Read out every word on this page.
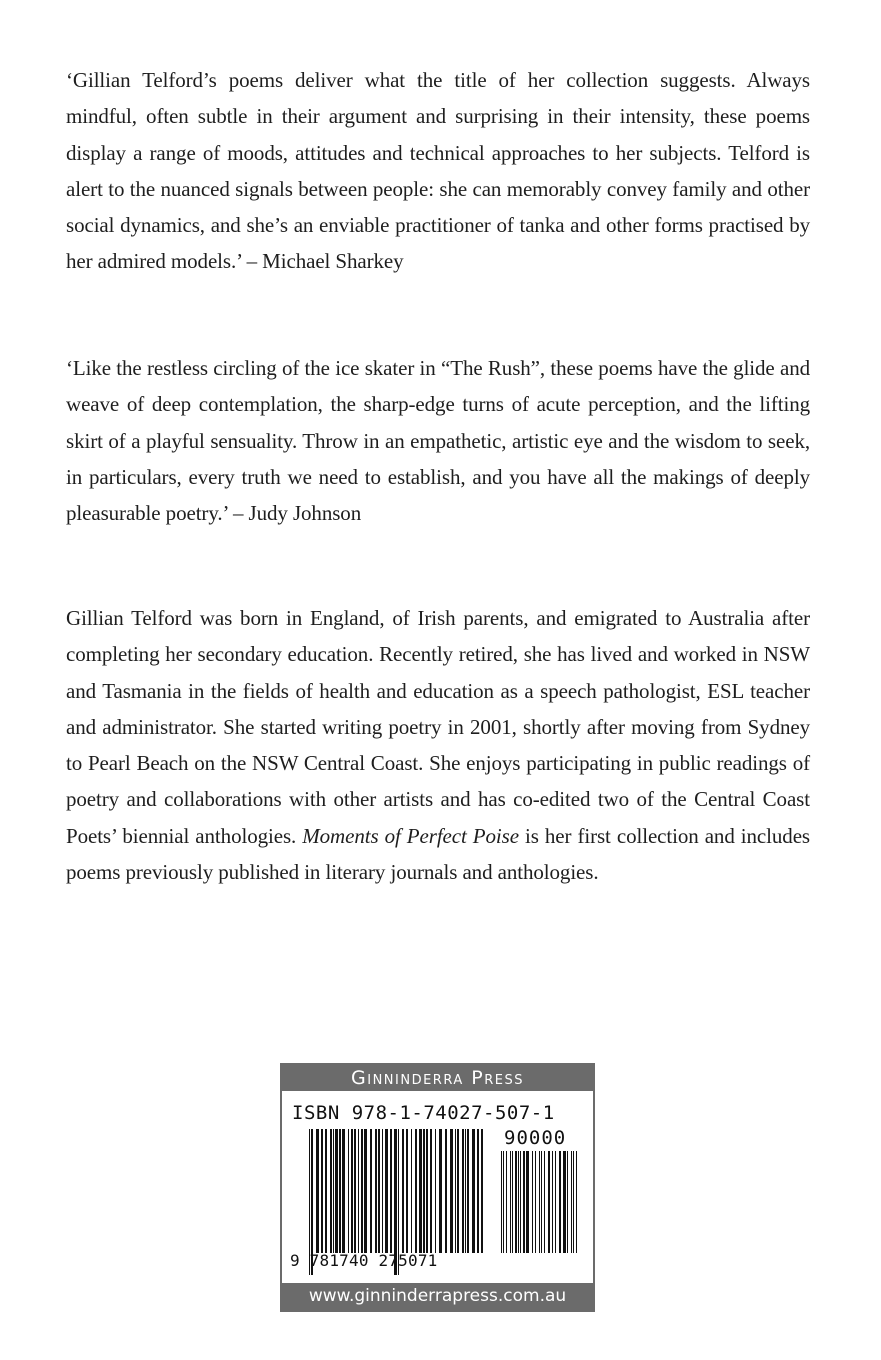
‘Gillian Telford’s poems deliver what the title of her collection suggests. Always mindful, often subtle in their argument and surprising in their intensity, these poems display a range of moods, attitudes and technical approaches to her subjects. Telford is alert to the nuanced signals between people: she can memorably convey family and other social dynamics, and she’s an enviable practitioner of tanka and other forms practised by her admired models.’ – Michael Sharkey

‘Like the restless circling of the ice skater in “The Rush”, these poems have the glide and weave of deep contemplation, the sharp-edge turns of acute perception, and the lifting skirt of a playful sensuality. Throw in an empathetic, artistic eye and the wisdom to seek, in particulars, every truth we need to establish, and you have all the makings of deeply pleasurable poetry.’ – Judy Johnson

Gillian Telford was born in England, of Irish parents, and emigrated to Australia after completing her secondary education. Recently retired, she has lived and worked in NSW and Tasmania in the fields of health and education as a speech pathologist, ESL teacher and administrator. She started writing poetry in 2001, shortly after moving from Sydney to Pearl Beach on the NSW Central Coast. She enjoys participating in public readings of poetry and collaborations with other artists and has co-edited two of the Central Coast Poets’ biennial anthologies. Moments of Perfect Poise is her first collection and includes poems previously published in literary journals and anthologies.

Ginninderra Press
ISBN 978-1-74027-507-1
90000
9 781740 275071
www.ginninderrapress.com.au
